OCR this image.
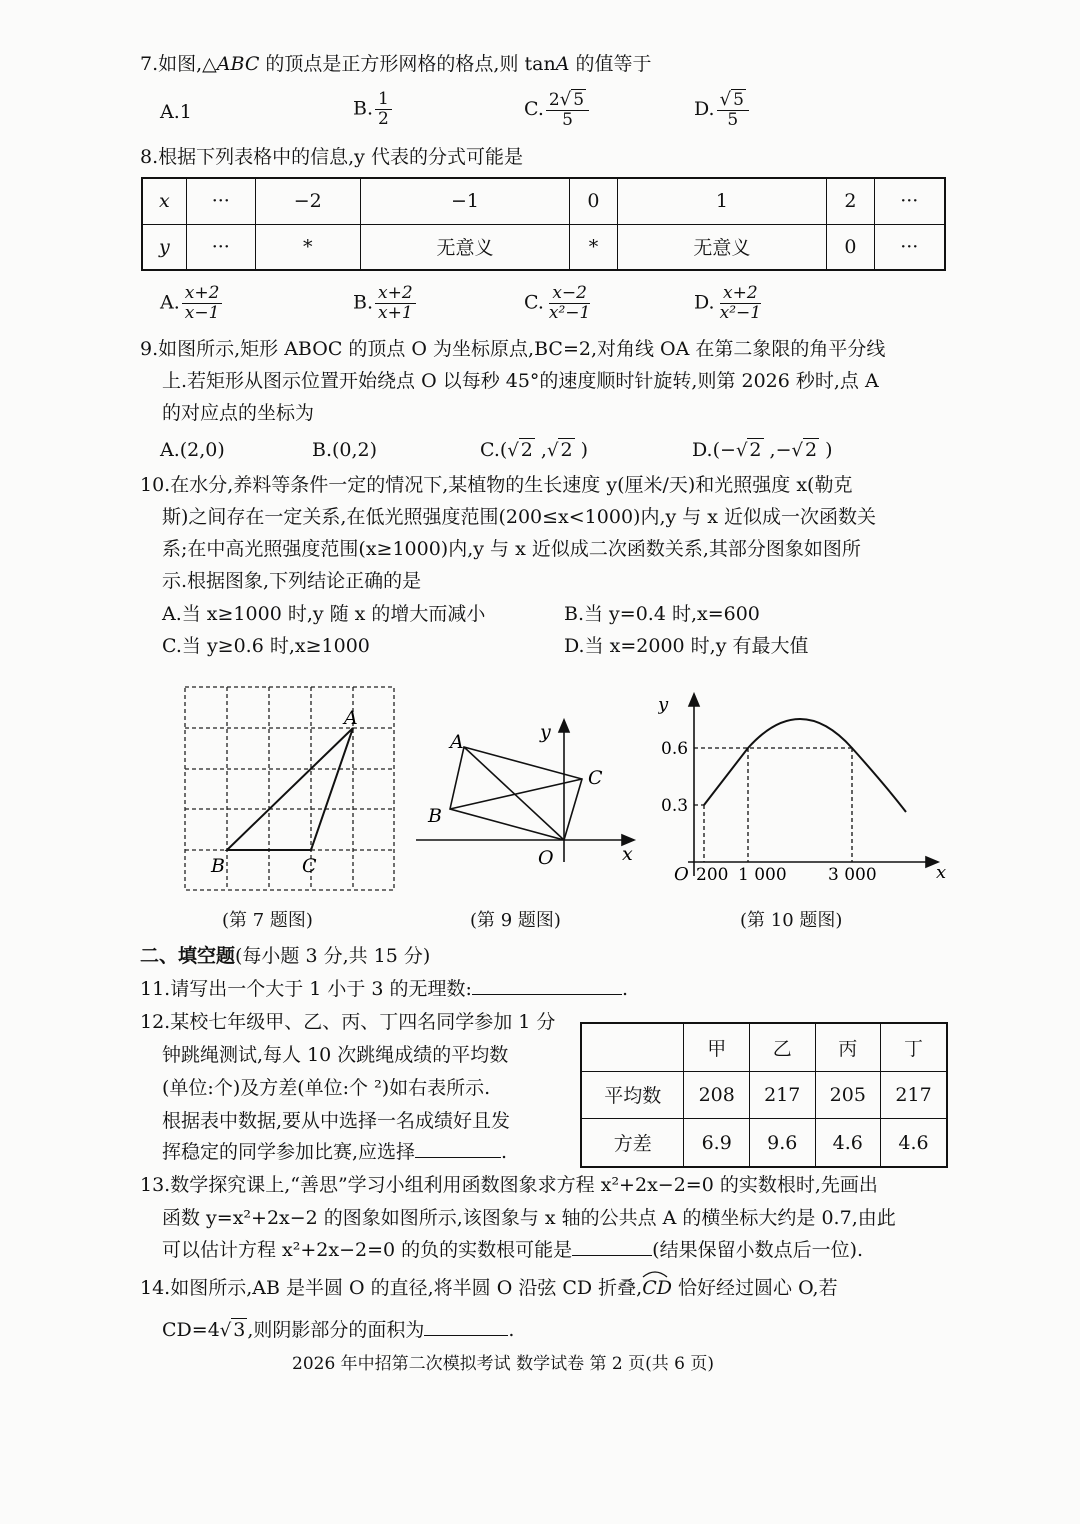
7.如图,△ABC 的顶点是正方形网格的格点,则 tanA 的值等于
A.1	B. $\frac{1}{2}$	C. $\frac{2√ 5}{5}$	D. $\frac{√ 5}{5}$
8.根据下列表格中的信息,y 代表的分式可能是
x	···	−2	−1	0	1	2	···
y	···	*	无意义	*	无意义	0	···
A. $\frac{x+2}{x-1}$	B. $\frac{x+2}{x+1}$	C. $\frac{x-2}{\text{x²−1}}$	D. $\frac{x+2}{\text{x²−1}}$
9.如图所示,矩形 ABOC 的顶点 O 为坐标原点,BC=2,对角线 OA 在第二象限的角平分线
上.若矩形从图示位置开始绕点 O 以每秒 45°的速度顺时针旋转,则第 2026 秒时,点 A
的对应点的坐标为
A.(2,0)	B.(0,2)	C.(√ 2 ,√ 2 )	D.(−√ 2 ,−√ 2 )
10.在水分,养料等条件一定的情况下,某植物的生长速度 y(厘米/天)和光照强度 x(勒克
斯)之间存在一定关系,在低光照强度范围(200≤x<1000)内,y 与 x 近似成一次函数关
系;在中高光照强度范围(x≥1000)内,y 与 x 近似成二次函数关系,其部分图象如图所
示.根据图象,下列结论正确的是
A.当 x≥1000 时,y 随 x 的增大而减小	B.当 y=0.4 时,x=600
C.当 y≥0.6 时,x≥1000	D.当 x=2000 时,y 有最大值
A
B	C
(第 7 题图)
A
B
C
O	x
y
(第 9 题图)
y
x
O
0.6
0.3
200 1 000 3 000
(第 10 题图)
二、填空题(每小题 3 分,共 15 分)
11.请写出一个大于 1 小于 3 的无理数:	.
12.某校七年级甲、乙、丙、丁四名同学参加 1 分
钟跳绳测试,每人 10 次跳绳成绩的平均数
(单位:个)及方差(单位:个 ²)如右表所示.
根据表中数据,要从中选择一名成绩好且发
挥稳定的同学参加比赛,应选择	.
	甲	乙	丙	丁
平均数	208	217	205	217
方差	6.9	9.6	4.6	4.6
13.数学探究课上,“善思”学习小组利用函数图象求方程 x²+2x−2=0 的实数根时,先画出
函数 y=x²+2x−2 的图象如图所示,该图象与 x 轴的公共点 A 的横坐标大约是 0.7,由此
可以估计方程 x²+2x−2=0 的负的实数根可能是	(结果保留小数点后一位).
14.如图所示,AB 是半圆 O 的直径,将半圆 O 沿弦 CD 折叠,CD
恰好经过圆心 O,若
CD=4√ 3 ,则阴影部分的面积为	.
2026 年中招第二次模拟考试 数学试卷 第 2 页(共 6 页)
